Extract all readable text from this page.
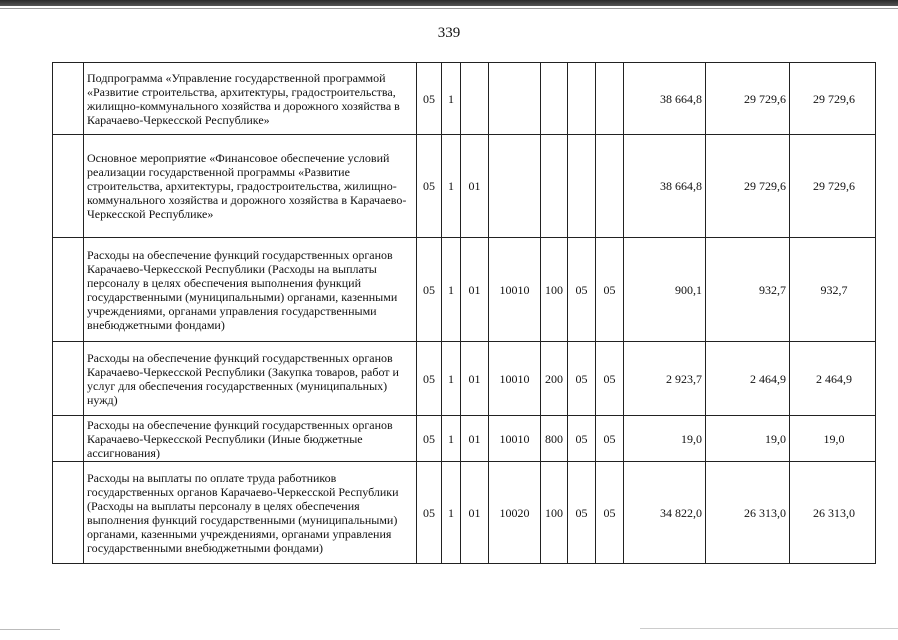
339
	Подпрограмма «Управление государственной программой «Развитие строительства, архитектуры, градостроительства, жилищно-коммунального хозяйства и дорожного хозяйства в Карачаево-Черкесской Республике»	05	1						38 664,8	29 729,6	29 729,6
	Основное мероприятие «Финансовое обеспечение условий реализации государственной программы «Развитие строительства, архитектуры, градостроительства, жилищно-коммунального хозяйства и дорожного хозяйства в Карачаево-Черкесской Республике»	05	1	01					38 664,8	29 729,6	29 729,6
	Расходы на обеспечение функций государственных органов Карачаево-Черкесской Республики (Расходы на выплаты персоналу в целях обеспечения выполнения функций государственными (муниципальными) органами, казенными учреждениями, органами управления государственными внебюджетными фондами)	05	1	01	10010	100	05	05	900,1	932,7	932,7
	Расходы на обеспечение функций государственных органов Карачаево-Черкесской Республики (Закупка товаров, работ и услуг для обеспечения государственных (муниципальных) нужд)	05	1	01	10010	200	05	05	2 923,7	2 464,9	2 464,9
	Расходы на обеспечение функций государственных органов Карачаево-Черкесской Республики (Иные бюджетные ассигнования)	05	1	01	10010	800	05	05	19,0	19,0	19,0
	Расходы на выплаты по оплате труда работников государственных органов Карачаево-Черкесской Республики (Расходы на выплаты персоналу в целях обеспечения выполнения функций государственными (муниципальными) органами, казенными учреждениями, органами управления государственными внебюджетными фондами)	05	1	01	10020	100	05	05	34 822,0	26 313,0	26 313,0
